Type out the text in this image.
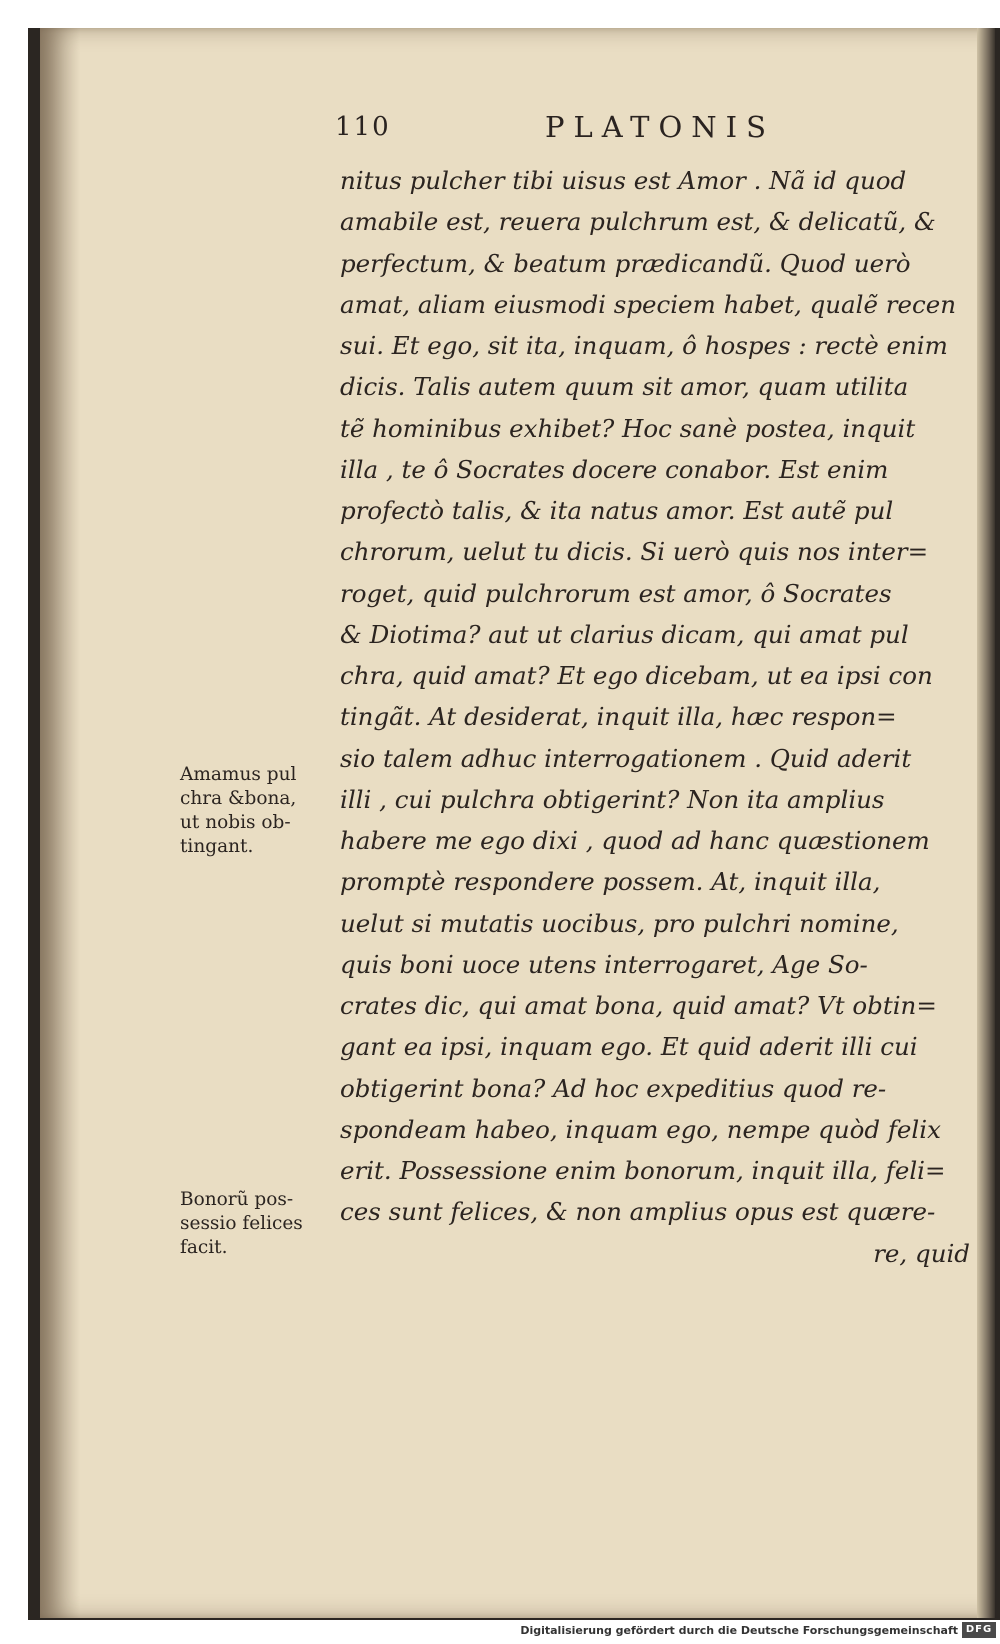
110	PLATONIS
nitus pulcher tibi uisus est Amor . Nã id quod
amabile est, reuera pulchrum est, & delicatũ, &
perfectum, & beatum prædicandũ. Quod uerò
amat, aliam eiusmodi speciem habet, qualẽ recen
sui. Et ego, sit ita, inquam, ô hospes : rectè enim
dicis. Talis autem quum sit amor, quam utilita
tẽ hominibus exhibet? Hoc sanè postea, inquit
illa , te ô Socrates docere conabor. Est enim
profectò talis, & ita natus amor. Est autẽ pul
chrorum, uelut tu dicis. Si uerò quis nos inter=
roget, quid pulchrorum est amor, ô Socrates
& Diotima? aut ut clarius dicam, qui amat pul
chra, quid amat? Et ego dicebam, ut ea ipsi con
tingãt. At desiderat, inquit illa, hæc respon=
sio talem adhuc interrogationem . Quid aderit
illi , cui pulchra obtigerint? Non ita amplius
habere me ego dixi , quod ad hanc quæstionem
promptè respondere possem. At, inquit illa,
uelut si mutatis uocibus, pro pulchri nomine,
quis boni uoce utens interrogaret, Age So-
crates dic, qui amat bona, quid amat? Vt obtin=
gant ea ipsi, inquam ego. Et quid aderit illi cui
obtigerint bona? Ad hoc expeditius quod re-
spondeam habeo, inquam ego, nempe quòd felix
erit. Possessione enim bonorum, inquit illa, feli=
ces sunt felices, & non amplius opus est quære-
re, quid
Amamus pul
chra &bona,
ut nobis ob-
tingant.
Bonorũ pos-
sessio felices
facit.
Digitalisierung gefördert durch die Deutsche Forschungsgemeinschaft DFG
